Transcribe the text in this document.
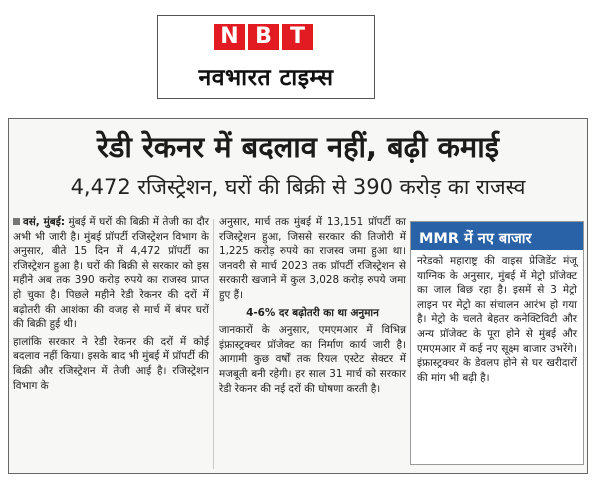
N B T
नवभारत टाइम्स
रेडी रेकनर में बदलाव नहीं, बढ़ी कमाई
4,472 रजिस्ट्रेशन, घरों की बिक्री से 390 करोड़ का राजस्व

वसं, मुंबई: मुंबई में घरों की बिक्री में तेजी का दौर अभी भी जारी है। मुंबई प्रॉपर्टी रजिस्ट्रेशन विभाग के अनुसार, बीते 15 दिन में 4,472 प्रॉपर्टी का रजिस्ट्रेशन हुआ है। घरों की बिक्री से सरकार को इस महीने अब तक 390 करोड़ रुपये का राजस्व प्राप्त हो चुका है। पिछले महीने रेडी रेकनर की दरों में बढ़ोतरी की आशंका की वजह से मार्च में बंपर घरों की बिक्री हुई थी।

हालांकि सरकार ने रेडी रेकनर की दरों में कोई बदलाव नहीं किया। इसके बाद भी मुंबई में प्रॉपर्टी की बिक्री और रजिस्ट्रेशन में तेजी आई है। रजिस्ट्रेशन विभाग के

अनुसार, मार्च तक मुंबई में 13,151 प्रॉपर्टी का रजिस्ट्रेशन हुआ, जिससे सरकार की तिजोरी में 1,225 करोड़ रुपये का राजस्व जमा हुआ था। जनवरी से मार्च 2023 तक प्रॉपर्टी रजिस्ट्रेशन से सरकारी खजाने में कुल 3,028 करोड़ रुपये जमा हुए हैं।

4-6% दर बढ़ोतरी का था अनुमान

जानकारों के अनुसार, एमएमआर में विभिन्न इंफ्रास्ट्रक्चर प्रॉजेक्ट का निर्माण कार्य जारी है। आगामी कुछ वर्षों तक रियल एस्टेट सेक्टर में मजबूती बनी रहेगी। हर साल 31 मार्च को सरकार रेडी रेकनर की नई दरों की घोषणा करती है।

MMR में नए बाजार
नरेडको महाराष्ट्र की वाइस प्रेजिडेंट मंजू याग्निक के अनुसार, मुंबई में मेट्रो प्रॉजेक्ट का जाल बिछ रहा है। इसमें से 3 मेट्रो लाइन पर मेट्रो का संचालन आरंभ हो गया है। मेट्रो के चलते बेहतर कनेक्टिविटी और अन्य प्रॉजेक्ट के पूरा होने से मुंबई और एमएमआर में कई नए सूक्ष्म बाजार उभरेंगे। इंफ्रास्ट्रक्चर के डेवलप होने से घर खरीदारों की मांग भी बढ़ी है।
